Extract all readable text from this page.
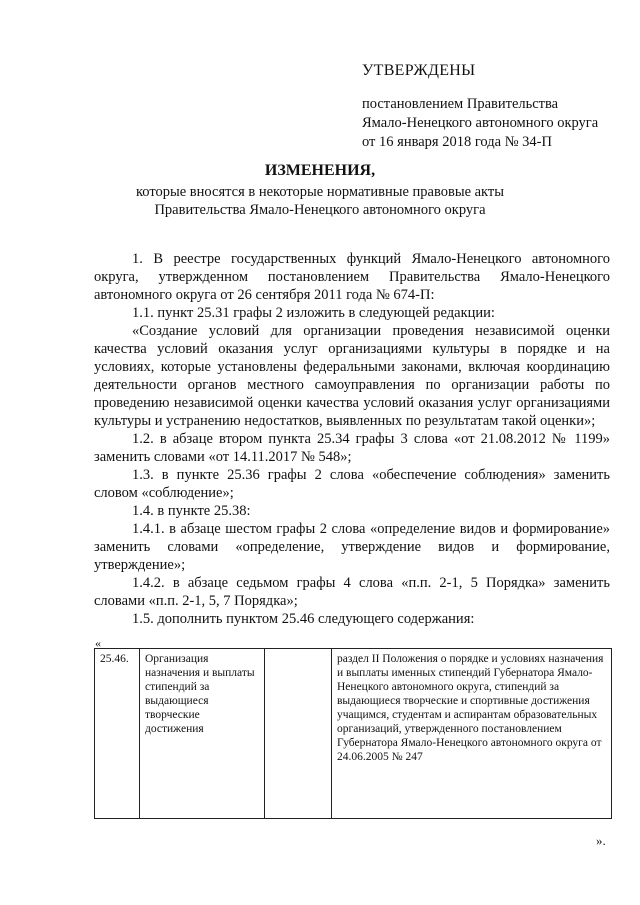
УТВЕРЖДЕНЫ
постановлением Правительства
Ямало-Ненецкого автономного округа
от 16 января 2018 года № 34-П
ИЗМЕНЕНИЯ,
которые вносятся в некоторые нормативные правовые акты
Правительства Ямало-Ненецкого автономного округа

1. В реестре государственных функций Ямало-Ненецкого автономного округа, утвержденном постановлением Правительства Ямало-Ненецкого автономного округа от 26 сентября 2011 года № 674-П:

1.1. пункт 25.31 графы 2 изложить в следующей редакции:

«Создание условий для организации проведения независимой оценки качества условий оказания услуг организациями культуры в порядке и на условиях, которые установлены федеральными законами, включая координацию деятельности органов местного самоуправления по организации работы по проведению независимой оценки качества условий оказания услуг организациями культуры и устранению недостатков, выявленных по результатам такой оценки»;

1.2. в абзаце втором пункта 25.34 графы 3 слова «от 21.08.2012 № 1199» заменить словами «от 14.11.2017 № 548»;

1.3. в пункте 25.36 графы 2 слова «обеспечение соблюдения» заменить словом «соблюдение»;

1.4. в пункте 25.38:

1.4.1. в абзаце шестом графы 2 слова «определение видов и формирование» заменить словами «определение, утверждение видов и формирование, утверждение»;

1.4.2. в абзаце седьмом графы 4 слова «п.п. 2-1, 5 Порядка» заменить словами «п.п. 2-1, 5, 7 Порядка»;

1.5. дополнить пунктом 25.46 следующего содержания:

«
25.46.	Организация назначения и выплаты стипендий за выдающиеся творческие достижения		раздел II Положения о порядке и условиях назначения и выплаты именных стипендий Губернатора Ямало-Ненецкого автономного округа, стипендий за выдающиеся творческие и спортивные достижения учащимся, студентам и аспирантам образовательных организаций, утвержденного постановлением Губернатора Ямало-Ненецкого автономного округа от 24.06.2005 № 247
».
